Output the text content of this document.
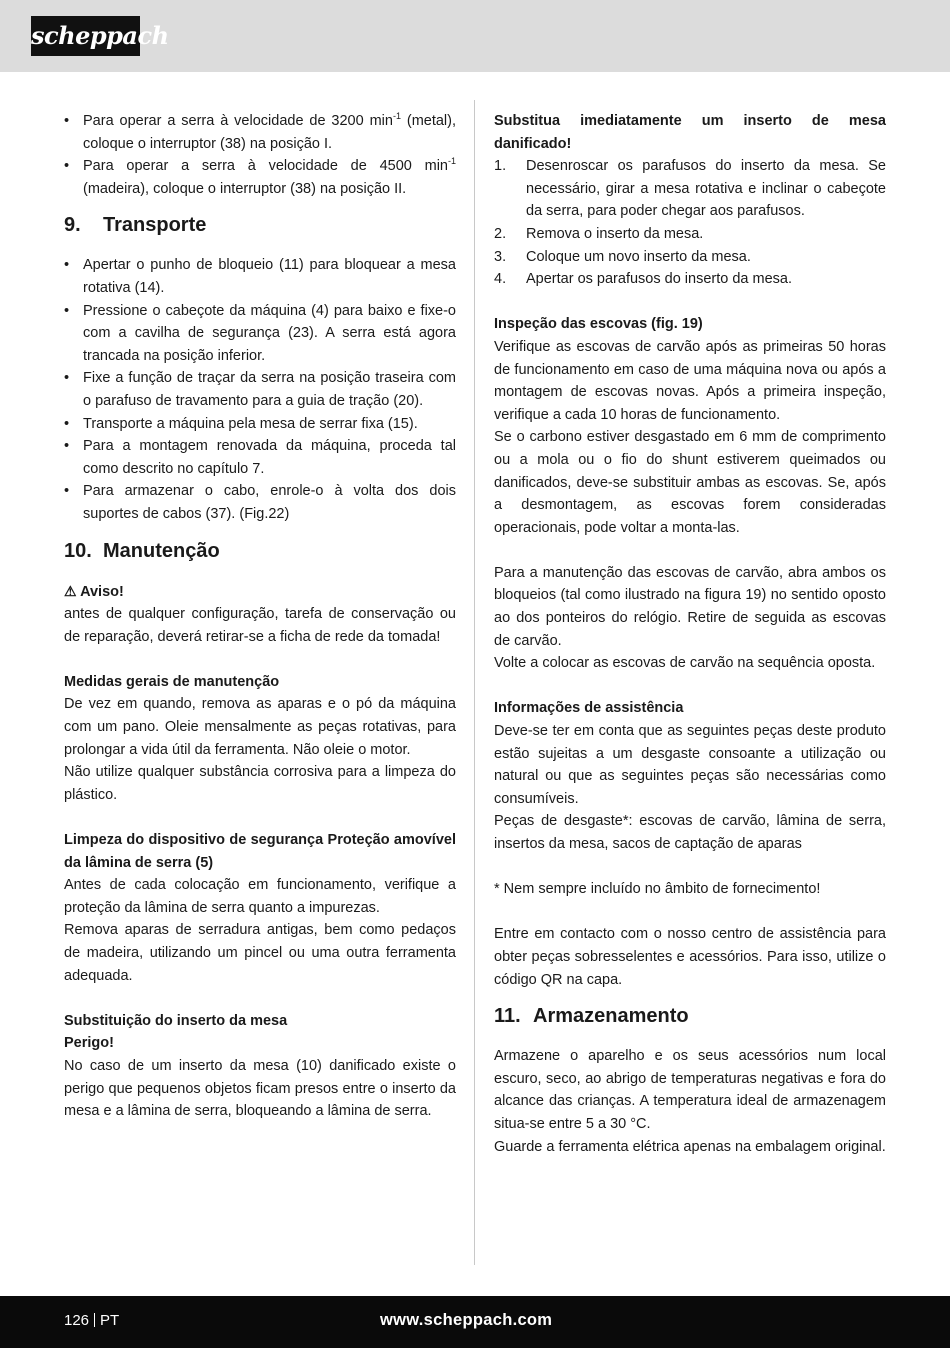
scheppach
• Para operar a serra à velocidade de 3200 $\min^{-1}$ (metal), coloque o interruptor (38) na posição I.
• Para operar a serra à velocidade de 4500 $\min^{-1}$ (madeira), coloque o interruptor (38) na posição II.
9. Transporte
• Apertar o punho de bloqueio (11) para bloquear a mesa rotativa (14).
• Pressione o cabeçote da máquina (4) para baixo e fixe-o com a cavilha de segurança (23). A serra está agora trancada na posição inferior.
• Fixe a função de traçar da serra na posição traseira com o parafuso de travamento para a guia de tração (20).
• Transporte a máquina pela mesa de serrar fixa (15).
• Para a montagem renovada da máquina, proceda tal como descrito no capítulo 7.
• Para armazenar o cabo, enrole-o à volta dos dois suportes de cabos (37). (Fig.22)
10. Manutenção

⚠ Aviso!

antes de qualquer configuração, tarefa de conservação ou de reparação, deverá retirar-se a ficha de rede da tomada!

Medidas gerais de manutenção

De vez em quando, remova as aparas e o pó da máquina com um pano. Oleie mensalmente as peças rotativas, para prolongar a vida útil da ferramenta. Não oleie o motor.

Não utilize qualquer substância corrosiva para a limpeza do plástico.

Limpeza do dispositivo de segurança Proteção amovível da lâmina de serra (5)

Antes de cada colocação em funcionamento, verifique a proteção da lâmina de serra quanto a impurezas.

Remova aparas de serradura antigas, bem como pedaços de madeira, utilizando um pincel ou uma outra ferramenta adequada.

Substituição do inserto da mesa

Perigo!

No caso de um inserto da mesa (10) danificado existe o perigo que pequenos objetos ficam presos entre o inserto da mesa e a lâmina de serra, bloqueando a lâmina de serra.

Substitua imediatamente um inserto de mesa danificado!

1. Desenroscar os parafusos do inserto da mesa. Se necessário, girar a mesa rotativa e inclinar o cabeçote da serra, para poder chegar aos parafusos.
2. Remova o inserto da mesa.
3. Coloque um novo inserto da mesa.
4. Apertar os parafusos do inserto da mesa.

Inspeção das escovas (fig. 19)

Verifique as escovas de carvão após as primeiras 50 horas de funcionamento em caso de uma máquina nova ou após a montagem de escovas novas. Após a primeira inspeção, verifique a cada 10 horas de funcionamento.

Se o carbono estiver desgastado em 6 mm de comprimento ou a mola ou o fio do shunt estiverem queimados ou danificados, deve-se substituir ambas as escovas. Se, após a desmontagem, as escovas forem consideradas operacionais, pode voltar a monta-las.

Para a manutenção das escovas de carvão, abra ambos os bloqueios (tal como ilustrado na figura 19) no sentido oposto ao dos ponteiros do relógio. Retire de seguida as escovas de carvão.

Volte a colocar as escovas de carvão na sequência oposta.

Informações de assistência

Deve-se ter em conta que as seguintes peças deste produto estão sujeitas a um desgaste consoante a utilização ou natural ou que as seguintes peças são necessárias como consumíveis.

Peças de desgaste*: escovas de carvão, lâmina de serra, insertos da mesa, sacos de captação de aparas

* Nem sempre incluído no âmbito de fornecimento!

Entre em contacto com o nosso centro de assistência para obter peças sobresselentes e acessórios. Para isso, utilize o código QR na capa.

11. Armazenamento

Armazene o aparelho e os seus acessórios num local escuro, seco, ao abrigo de temperaturas negativas e fora do alcance das crianças. A temperatura ideal de armazenagem situa-se entre 5 a 30 °C.

Guarde a ferramenta elétrica apenas na embalagem original.

126 PT	www.scheppach.com
